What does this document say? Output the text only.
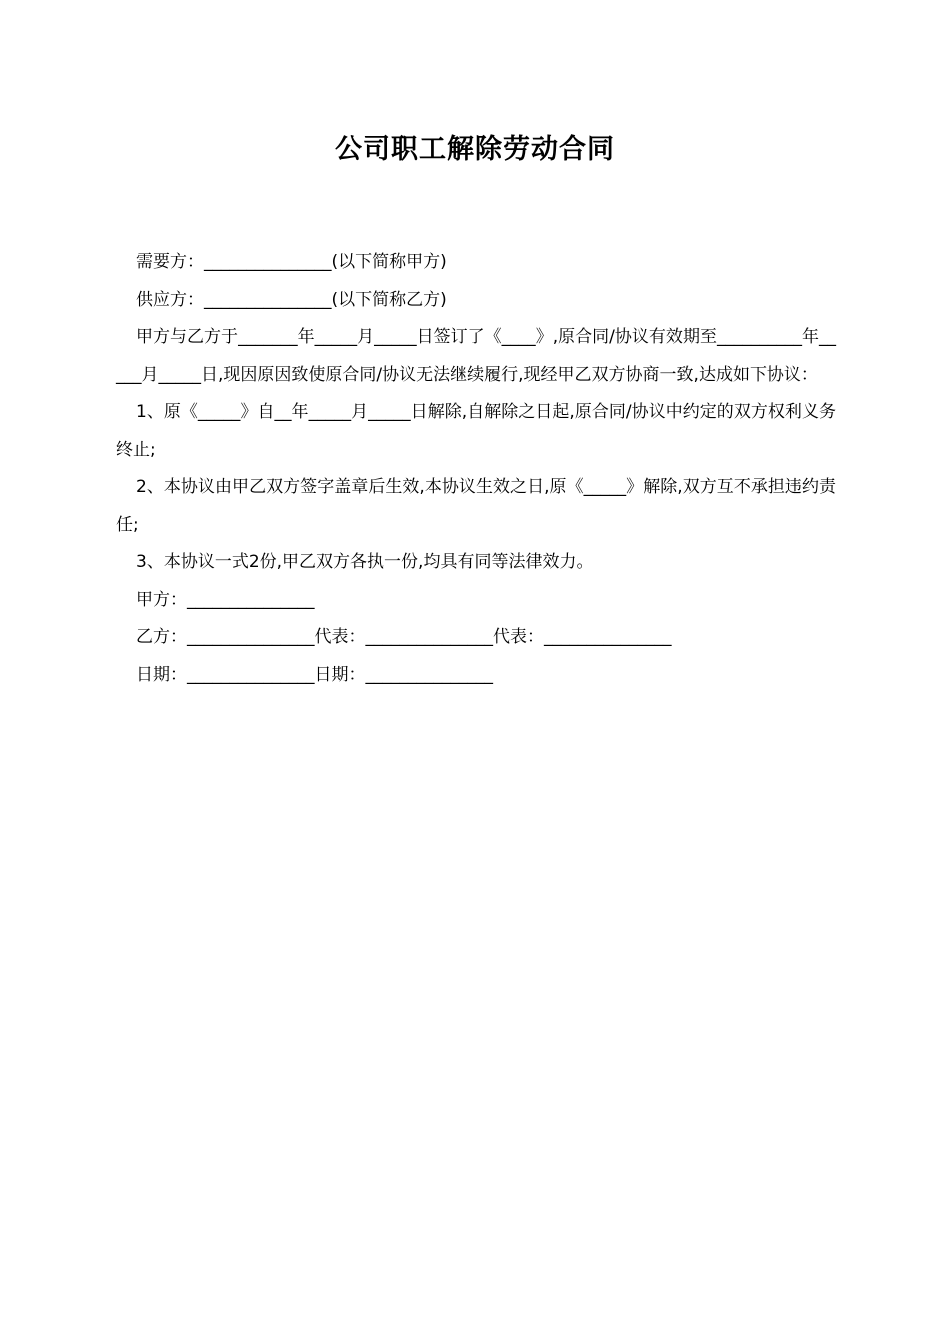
公司职工解除劳动合同

需要方：_______________(以下简称甲方)

供应方：_______________(以下简称乙方)

甲方与乙方于_______年_____月_____日签订了《____》,原合同/协议有效期至__________年_____月_____日,现因原因致使原合同/协议无法继续履行,现经甲乙双方协商一致,达成如下协议：

1、原《_____》自__年_____月_____日解除,自解除之日起,原合同/协议中约定的双方权利义务终止;

2、本协议由甲乙双方签字盖章后生效,本协议生效之日,原《_____》解除,双方互不承担违约责任;

3、本协议一式2份,甲乙双方各执一份,均具有同等法律效力。

甲方：_______________

乙方：_______________代表：_______________代表：_______________

日期：_______________日期：_______________
